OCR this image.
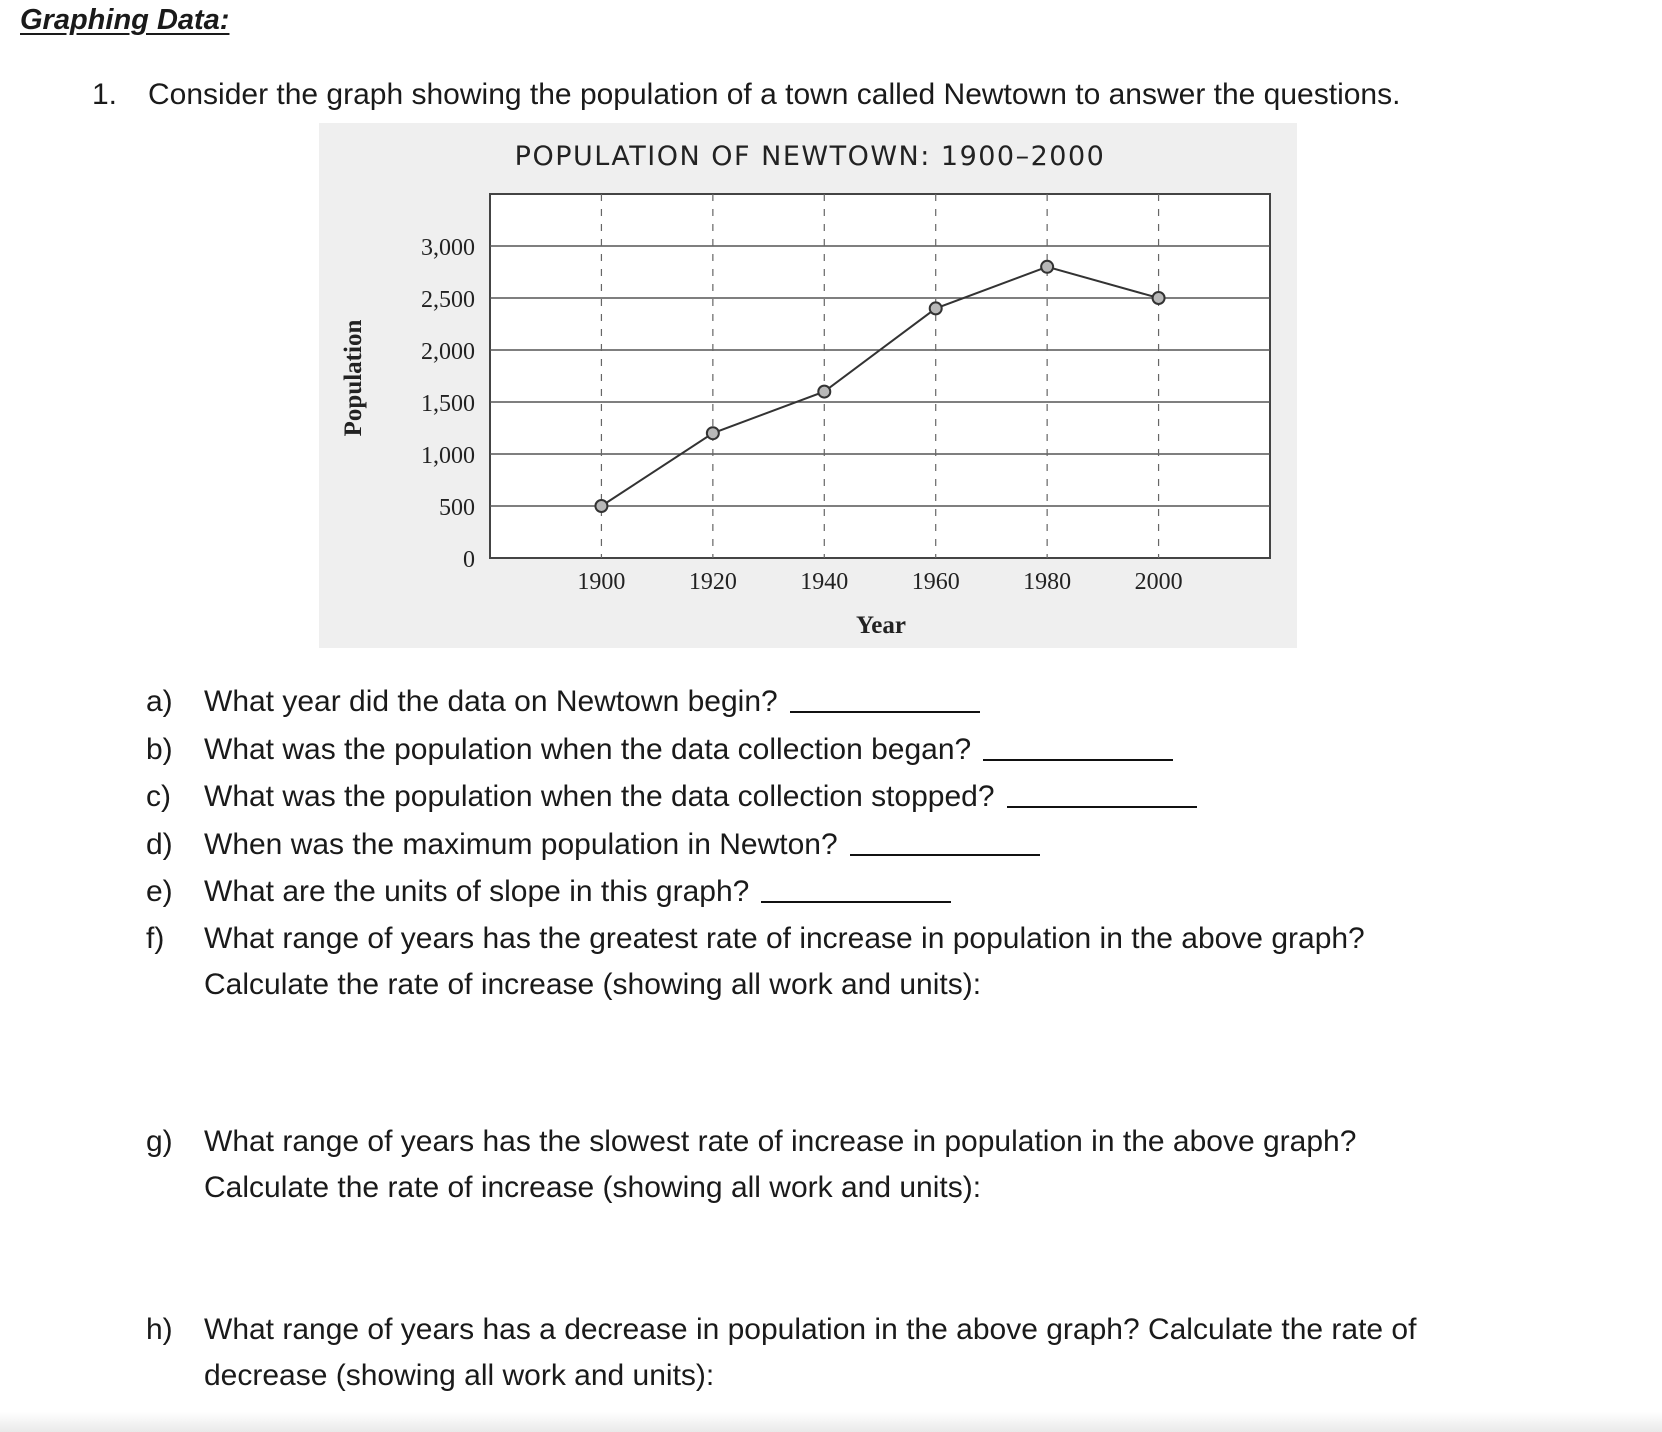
Graphing Data:
1. Consider the graph showing the population of a town called Newtown to answer the questions.
POPULATION OF NEWTOWN: 1900–2000
0
500
1,000
1,500
2,000
2,500
3,000
1900	1920	1940	1960	1980	2000
Population
Year
a) What year did the data on Newtown begin?
b) What was the population when the data collection began?
c) What was the population when the data collection stopped?
d) When was the maximum population in Newton?
e) What are the units of slope in this graph?
f) What range of years has the greatest rate of increase in population in the above graph?
Calculate the rate of increase (showing all work and units):
g) What range of years has the slowest rate of increase in population in the above graph?
Calculate the rate of increase (showing all work and units):
h) What range of years has a decrease in population in the above graph? Calculate the rate of
decrease (showing all work and units):
